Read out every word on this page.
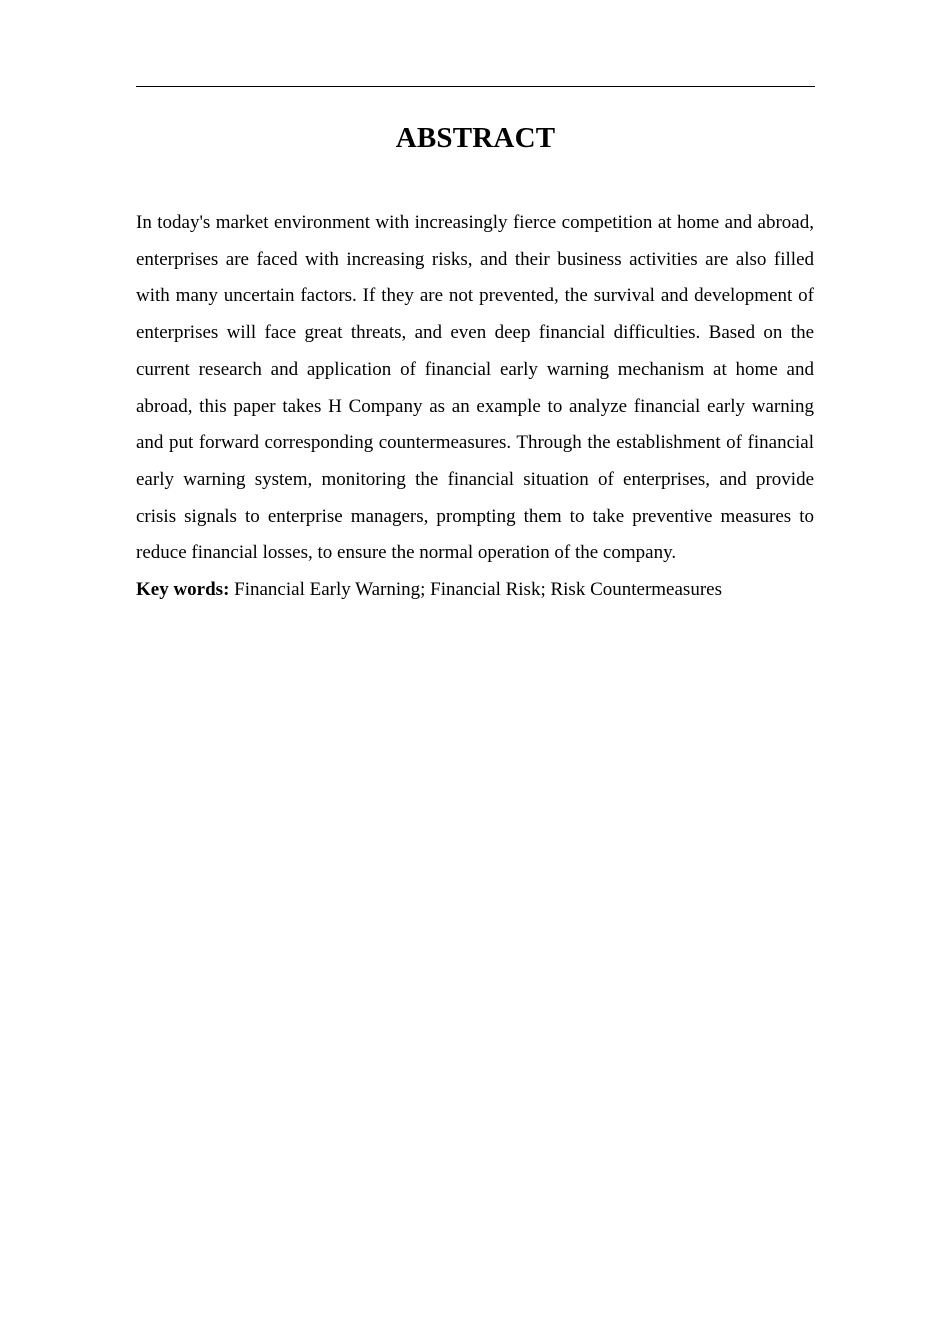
ABSTRACT

In today's market environment with increasingly fierce competition at home and abroad, enterprises are faced with increasing risks, and their business activities are also filled with many uncertain factors. If they are not prevented, the survival and development of enterprises will face great threats, and even deep financial difficulties. Based on the current research and application of financial early warning mechanism at home and abroad, this paper takes H Company as an example to analyze financial early warning and put forward corresponding countermeasures. Through the establishment of financial early warning system, monitoring the financial situation of enterprises, and provide crisis signals to enterprise managers, prompting them to take preventive measures to reduce financial losses, to ensure the normal operation of the company.

Key words: Financial Early Warning; Financial Risk; Risk Countermeasures
